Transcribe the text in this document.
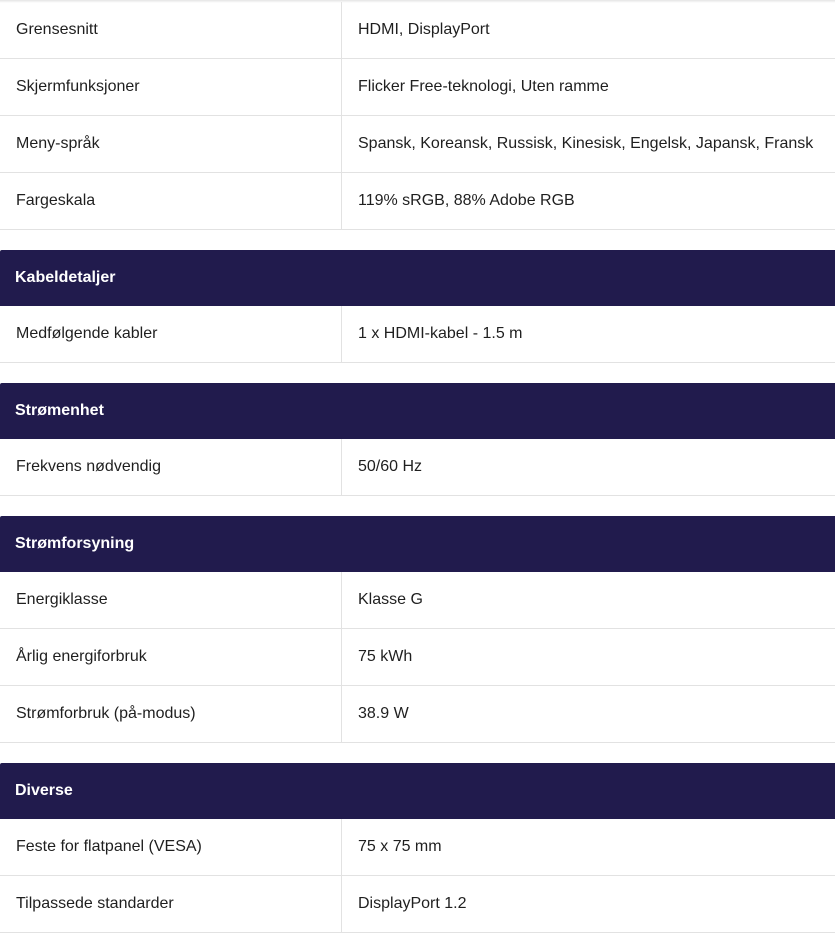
Grensesnitt	HDMI, DisplayPort
Skjermfunksjoner	Flicker Free-teknologi, Uten ramme
Meny-språk	Spansk, Koreansk, Russisk, Kinesisk, Engelsk, Japansk, Fransk
Fargeskala	119% sRGB, 88% Adobe RGB
Kabeldetaljer
Medfølgende kabler	1 x HDMI-kabel - 1.5 m
Strømenhet
Frekvens nødvendig	50/60 Hz
Strømforsyning
Energiklasse	Klasse G
Årlig energiforbruk	75 kWh
Strømforbruk (på-modus)	38.9 W
Diverse
Feste for flatpanel (VESA)	75 x 75 mm
Tilpassede standarder	DisplayPort 1.2
